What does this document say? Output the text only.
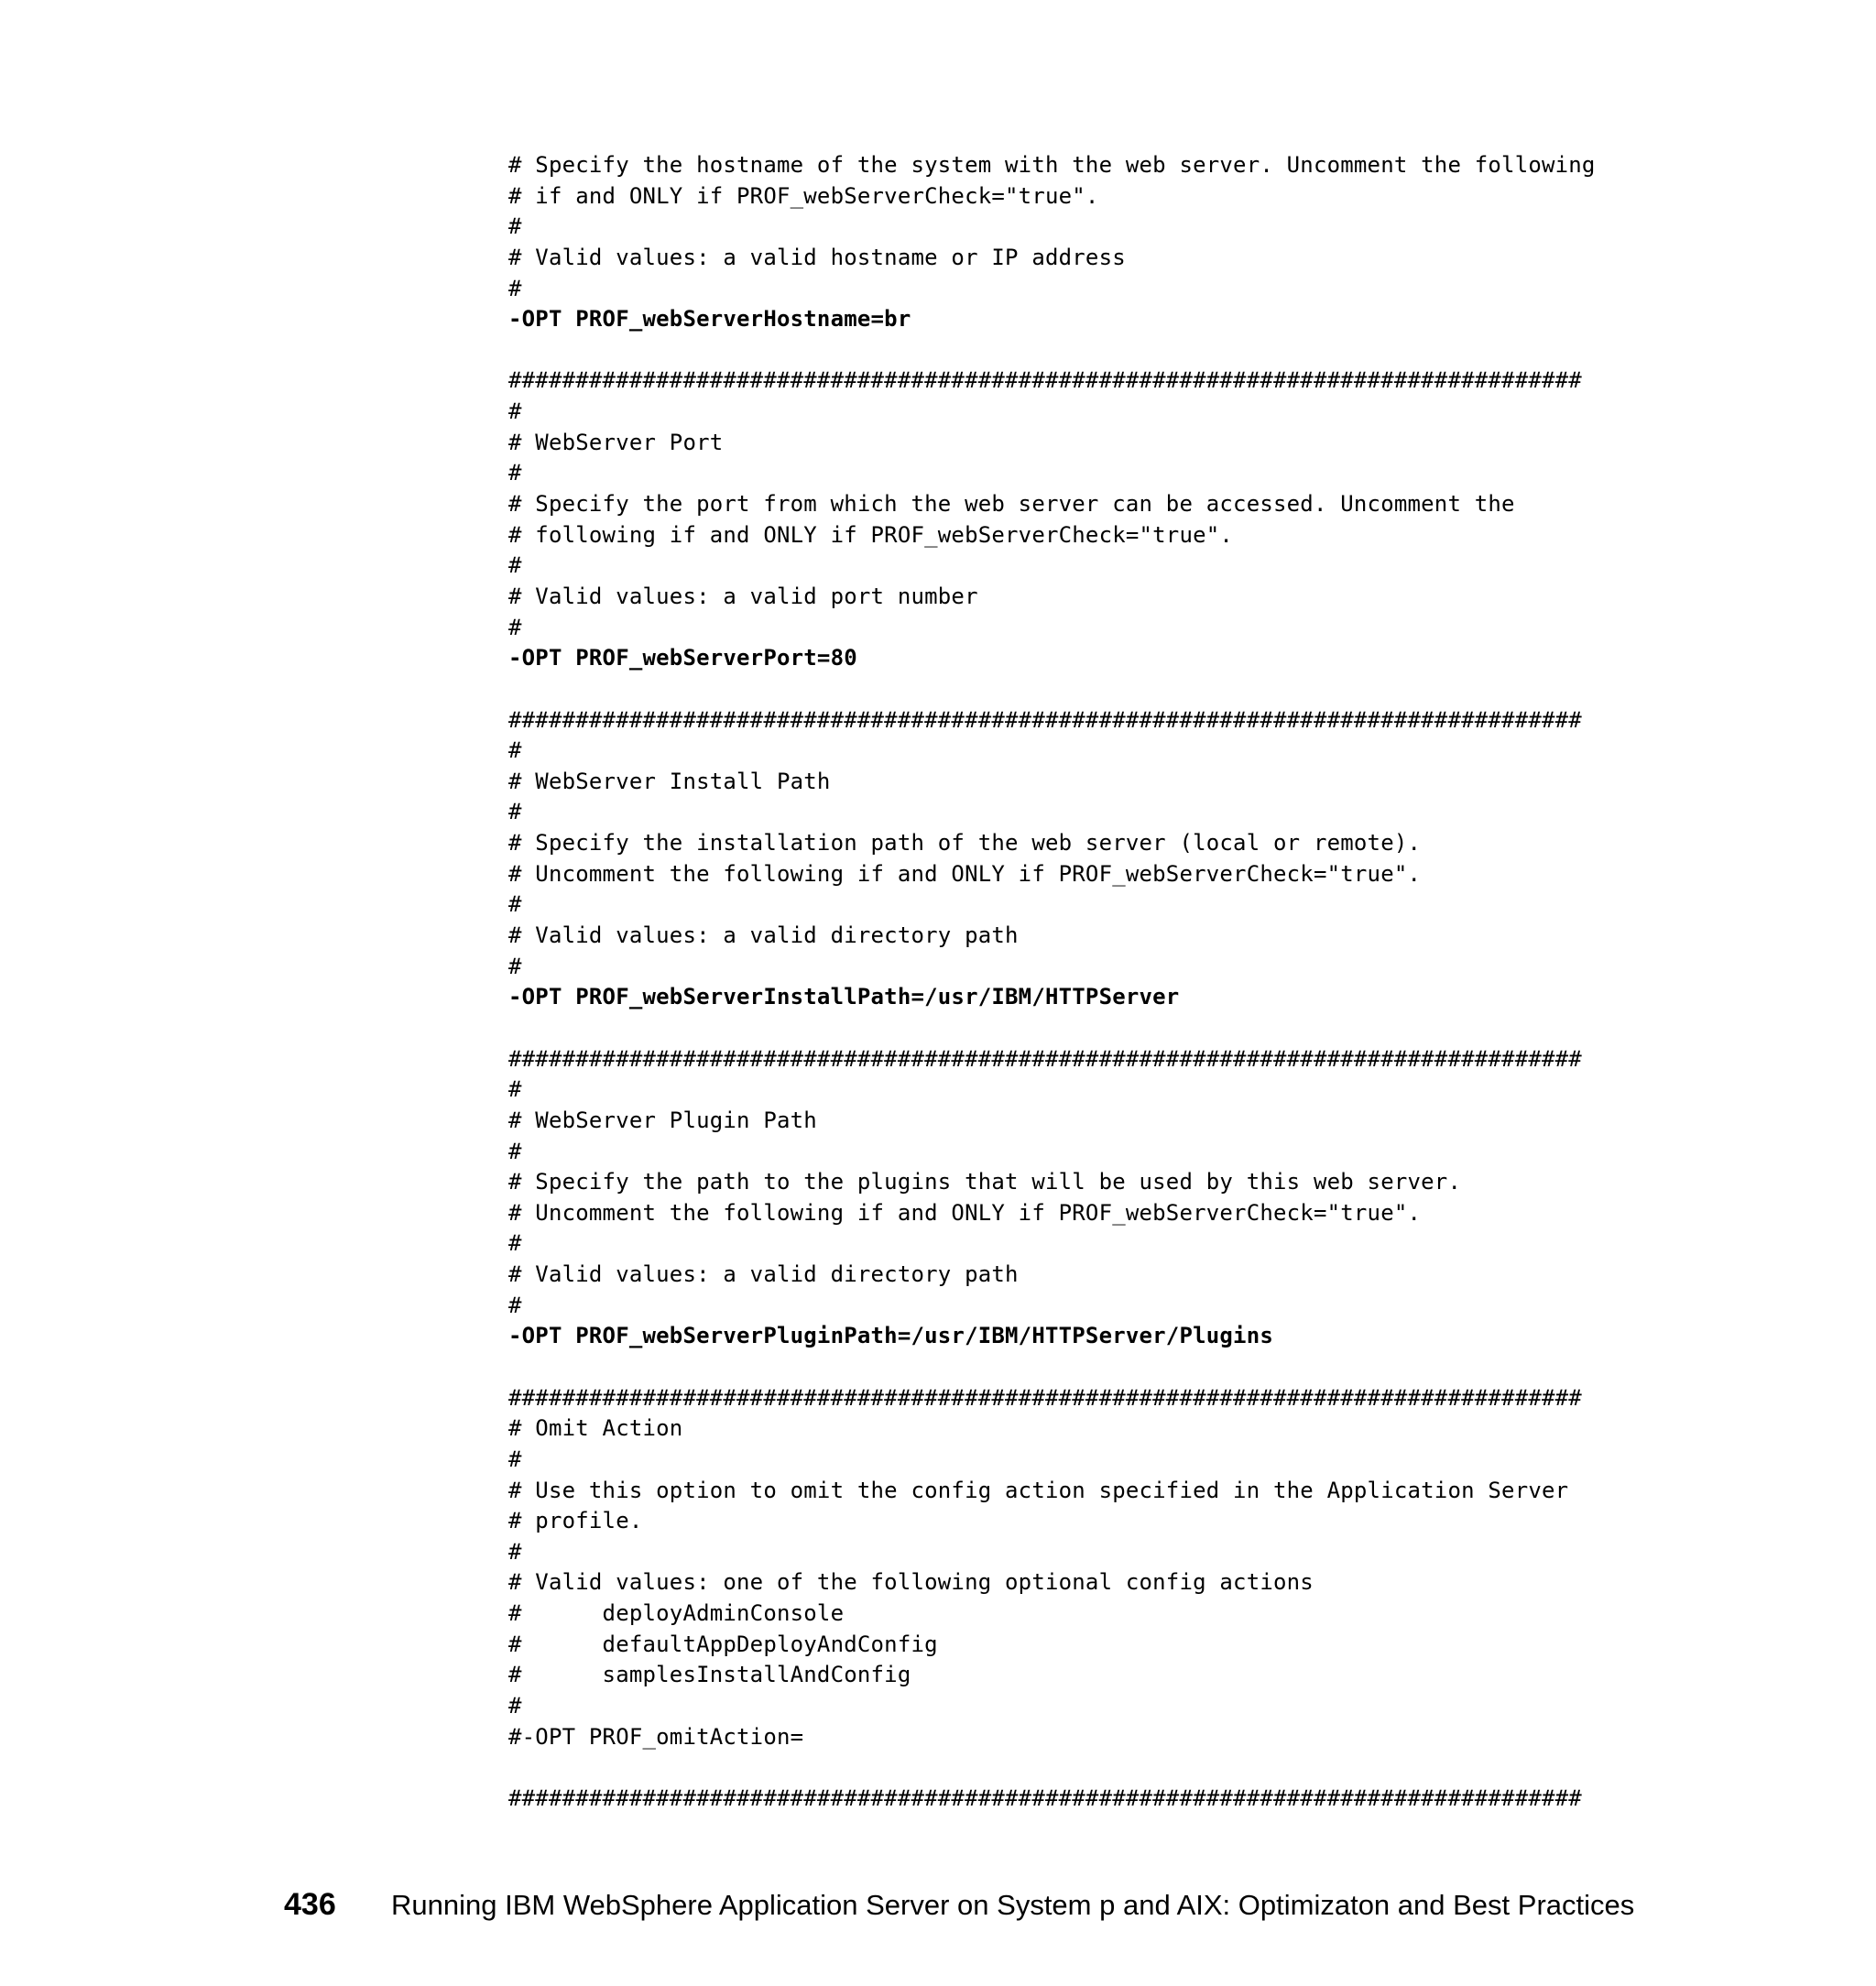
# Specify the hostname of the system with the web server. Uncomment the following
# if and ONLY if PROF_webServerCheck="true".
#
# Valid values: a valid hostname or IP address
#
-OPT PROF_webServerHostname=br
################################################################################
#
# WebServer Port
#
# Specify the port from which the web server can be accessed. Uncomment the
# following if and ONLY if PROF_webServerCheck="true".
#
# Valid values: a valid port number
#
-OPT PROF_webServerPort=80
################################################################################
#
# WebServer Install Path
#
# Specify the installation path of the web server (local or remote).
# Uncomment the following if and ONLY if PROF_webServerCheck="true".
#
# Valid values: a valid directory path
#
-OPT PROF_webServerInstallPath=/usr/IBM/HTTPServer
################################################################################
#
# WebServer Plugin Path
#
# Specify the path to the plugins that will be used by this web server.
# Uncomment the following if and ONLY if PROF_webServerCheck="true".
#
# Valid values: a valid directory path
#
-OPT PROF_webServerPluginPath=/usr/IBM/HTTPServer/Plugins
################################################################################
# Omit Action
#
# Use this option to omit the config action specified in the Application Server
# profile.
#
# Valid values: one of the following optional config actions
#      deployAdminConsole
#      defaultAppDeployAndConfig
#      samplesInstallAndConfig
#
#-OPT PROF_omitAction=
################################################################################
436 Running IBM WebSphere Application Server on System p and AIX: Optimizaton and Best Practices
